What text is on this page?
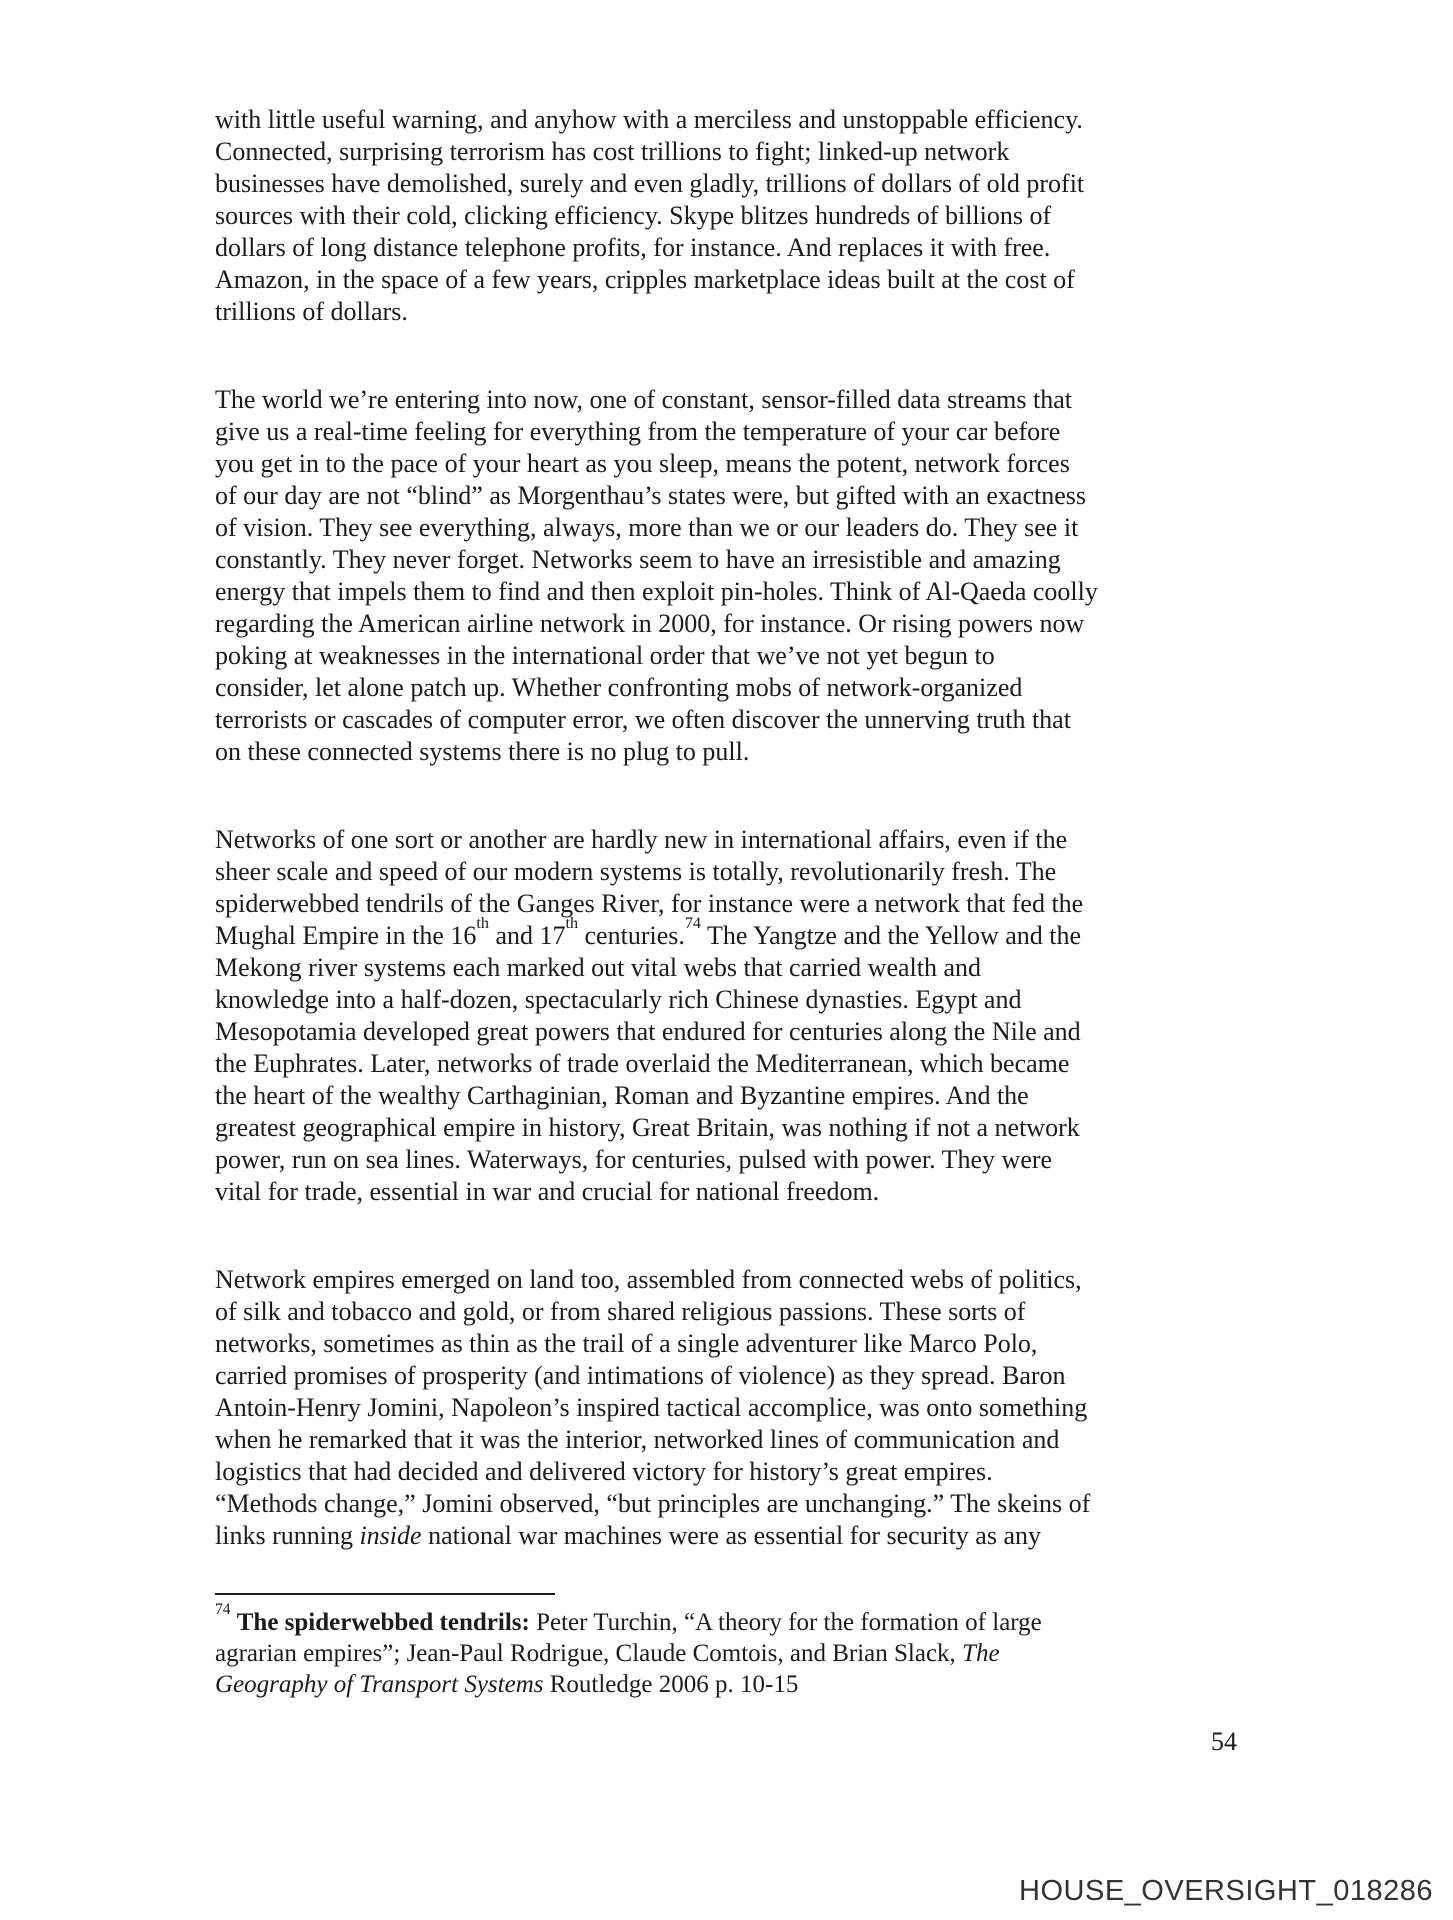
with little useful warning, and anyhow with a merciless and unstoppable efficiency.
Connected, surprising terrorism has cost trillions to fight; linked-up network
businesses have demolished, surely and even gladly, trillions of dollars of old profit
sources with their cold, clicking efficiency. Skype blitzes hundreds of billions of
dollars of long distance telephone profits, for instance. And replaces it with free.
Amazon, in the space of a few years, cripples marketplace ideas built at the cost of
trillions of dollars.
The world we’re entering into now, one of constant, sensor-filled data streams that
give us a real-time feeling for everything from the temperature of your car before
you get in to the pace of your heart as you sleep, means the potent, network forces
of our day are not “blind” as Morgenthau’s states were, but gifted with an exactness
of vision. They see everything, always, more than we or our leaders do. They see it
constantly. They never forget. Networks seem to have an irresistible and amazing
energy that impels them to find and then exploit pin-holes. Think of Al-Qaeda coolly
regarding the American airline network in 2000, for instance. Or rising powers now
poking at weaknesses in the international order that we’ve not yet begun to
consider, let alone patch up. Whether confronting mobs of network-organized
terrorists or cascades of computer error, we often discover the unnerving truth that
on these connected systems there is no plug to pull.
Networks of one sort or another are hardly new in international affairs, even if the
sheer scale and speed of our modern systems is totally, revolutionarily fresh. The
spiderwebbed tendrils of the Ganges River, for instance were a network that fed the
Mughal Empire in the 16th and 17th centuries.$^{74}$ The Yangtze and the Yellow and the
Mekong river systems each marked out vital webs that carried wealth and
knowledge into a half-dozen, spectacularly rich Chinese dynasties. Egypt and
Mesopotamia developed great powers that endured for centuries along the Nile and
the Euphrates. Later, networks of trade overlaid the Mediterranean, which became
the heart of the wealthy Carthaginian, Roman and Byzantine empires. And the
greatest geographical empire in history, Great Britain, was nothing if not a network
power, run on sea lines. Waterways, for centuries, pulsed with power. They were
vital for trade, essential in war and crucial for national freedom.
Network empires emerged on land too, assembled from connected webs of politics,
of silk and tobacco and gold, or from shared religious passions. These sorts of
networks, sometimes as thin as the trail of a single adventurer like Marco Polo,
carried promises of prosperity (and intimations of violence) as they spread. Baron
Antoin-Henry Jomini, Napoleon’s inspired tactical accomplice, was onto something
when he remarked that it was the interior, networked lines of communication and
logistics that had decided and delivered victory for history’s great empires.
“Methods change,” Jomini observed, “but principles are unchanging.” The skeins of
links running inside national war machines were as essential for security as any
$^{74}$ The spiderwebbed tendrils: Peter Turchin, “A theory for the formation of large
agrarian empires”; Jean-Paul Rodrigue, Claude Comtois, and Brian Slack, The
Geography of Transport Systems Routledge 2006 p. 10-15
54
HOUSE_OVERSIGHT_018286
